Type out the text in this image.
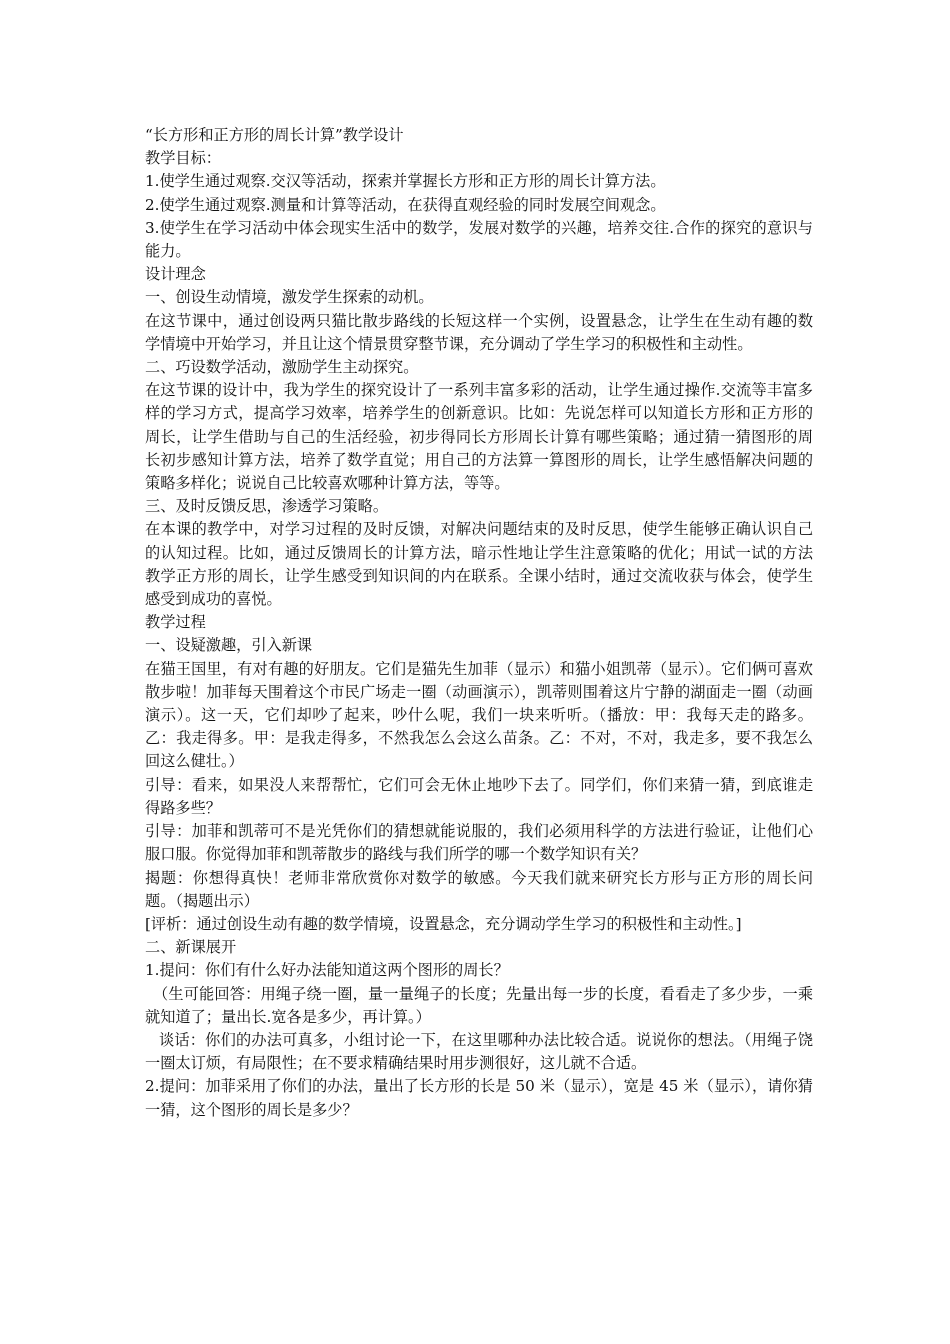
“长方形和正方形的周长计算”教学设计

教学目标：

1.使学生通过观察.交汉等活动，探索并掌握长方形和正方形的周长计算方法。

2.使学生通过观察.测量和计算等活动，在获得直观经验的同时发展空间观念。

3.使学生在学习活动中体会现实生活中的数学，发展对数学的兴趣，培养交往.合作的探究的意识与能力。

设计理念

一、创设生动情境，激发学生探索的动机。

在这节课中，通过创设两只猫比散步路线的长短这样一个实例，设置悬念，让学生在生动有趣的数学情境中开始学习，并且让这个情景贯穿整节课，充分调动了学生学习的积极性和主动性。

二、巧设数学活动，激励学生主动探究。

在这节课的设计中，我为学生的探究设计了一系列丰富多彩的活动，让学生通过操作.交流等丰富多样的学习方式，提高学习效率，培养学生的创新意识。比如：先说怎样可以知道长方形和正方形的周长，让学生借助与自己的生活经验，初步得同长方形周长计算有哪些策略；通过猜一猜图形的周长初步感知计算方法，培养了数学直觉；用自己的方法算一算图形的周长，让学生感悟解决问题的策略多样化；说说自己比较喜欢哪种计算方法，等等。

三、及时反馈反思，渗透学习策略。

在本课的教学中，对学习过程的及时反馈，对解决问题结束的及时反思，使学生能够正确认识自己的认知过程。比如，通过反馈周长的计算方法，暗示性地让学生注意策略的优化；用试一试的方法教学正方形的周长，让学生感受到知识间的内在联系。全课小结时，通过交流收获与体会，使学生感受到成功的喜悦。

教学过程

一、设疑激趣，引入新课

在猫王国里，有对有趣的好朋友。它们是猫先生加菲（显示）和猫小姐凯蒂（显示）。它们俩可喜欢散步啦！加菲每天围着这个市民广场走一圈（动画演示），凯蒂则围着这片宁静的湖面走一圈（动画演示）。这一天，它们却吵了起来，吵什么呢，我们一块来听听。（播放：甲：我每天走的路多。乙：我走得多。甲：是我走得多，不然我怎么会这么苗条。乙：不对，不对，我走多，要不我怎么回这么健壮。）

引导：看来，如果没人来帮帮忙，它们可会无休止地吵下去了。同学们，你们来猜一猜，到底谁走得路多些？

引导：加菲和凯蒂可不是光凭你们的猜想就能说服的，我们必须用科学的方法进行验证，让他们心服口服。你觉得加菲和凯蒂散步的路线与我们所学的哪一个数学知识有关？

揭题：你想得真快！老师非常欣赏你对数学的敏感。今天我们就来研究长方形与正方形的周长问题。（揭题出示）

[评析：通过创设生动有趣的数学情境，设置悬念，充分调动学生学习的积极性和主动性。]

二、新课展开

1.提问：你们有什么好办法能知道这两个图形的周长？

（生可能回答：用绳子绕一圈，量一量绳子的长度；先量出每一步的长度，看看走了多少步，一乘就知道了；量出长.宽各是多少，再计算。）

谈话：你们的办法可真多，小组讨论一下，在这里哪种办法比较合适。说说你的想法。（用绳子饶一圈太订烦，有局限性；在不要求精确结果时用步测很好，这儿就不合适。

2.提问：加菲采用了你们的办法，量出了长方形的长是 50 米（显示），宽是 45 米（显示），请你猜一猜，这个图形的周长是多少？
